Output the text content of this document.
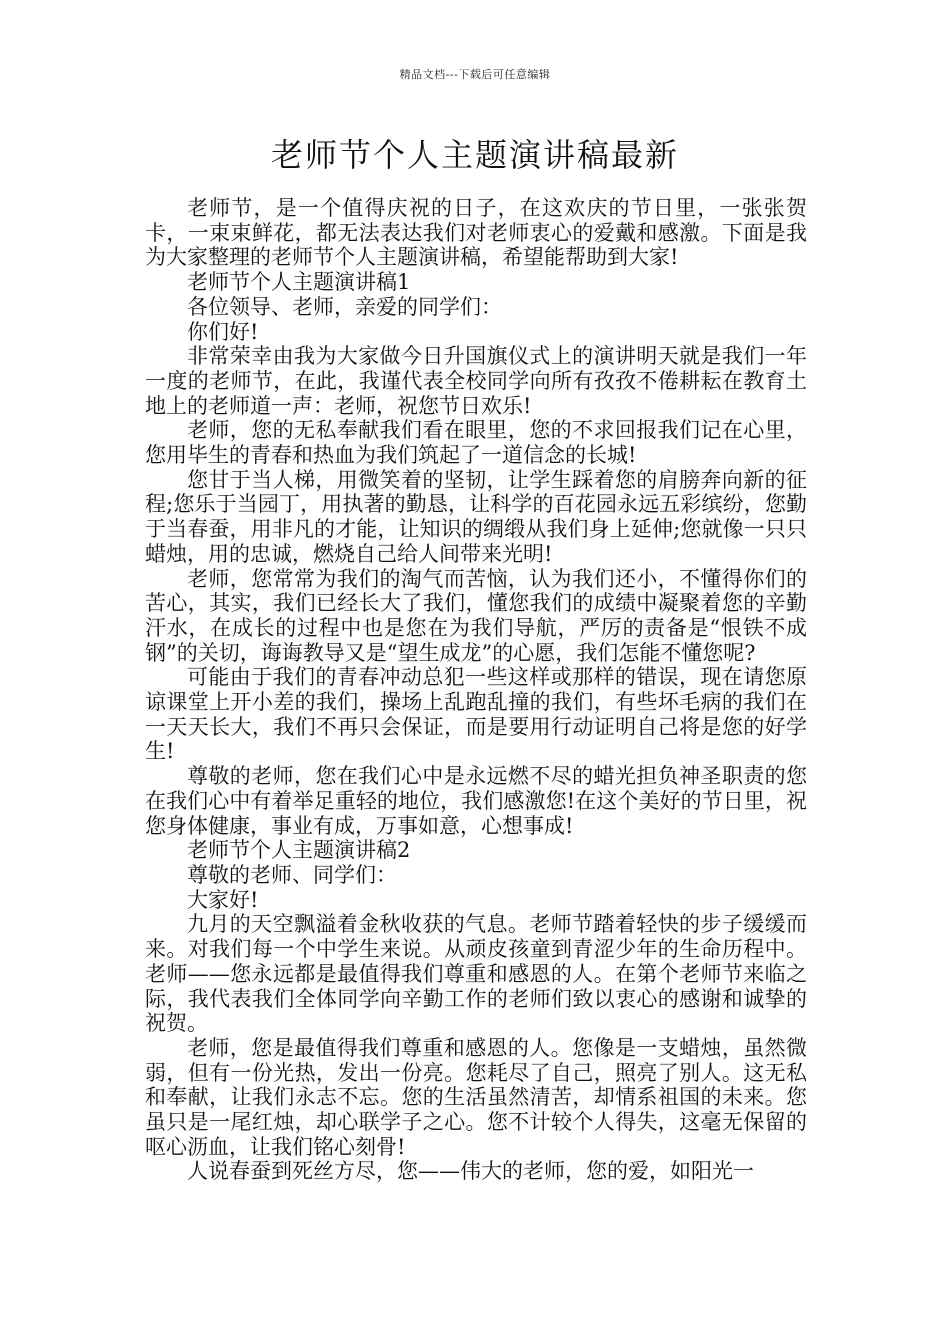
精品文档---下载后可任意编辑
老师节个人主题演讲稿最新

老师节，是一个值得庆祝的日子，在这欢庆的节日里，一张张贺卡，一束束鲜花，都无法表达我们对老师衷心的爱戴和感激。下面是我为大家整理的老师节个人主题演讲稿，希望能帮助到大家!

老师节个人主题演讲稿1

各位领导、老师，亲爱的同学们：

你们好!

非常荣幸由我为大家做今日升国旗仪式上的演讲明天就是我们一年一度的老师节，在此，我谨代表全校同学向所有孜孜不倦耕耘在教育土地上的老师道一声：老师，祝您节日欢乐!

老师，您的无私奉献我们看在眼里，您的不求回报我们记在心里，您用毕生的青春和热血为我们筑起了一道信念的长城!

您甘于当人梯，用微笑着的坚韧，让学生踩着您的肩膀奔向新的征程;您乐于当园丁，用执著的勤恳，让科学的百花园永远五彩缤纷，您勤于当春蚕，用非凡的才能，让知识的绸缎从我们身上延伸;您就像一只只蜡烛，用的忠诚，燃烧自己给人间带来光明!

老师，您常常为我们的淘气而苦恼，认为我们还小，不懂得你们的苦心，其实，我们已经长大了我们，懂您我们的成绩中凝聚着您的辛勤汗水，在成长的过程中也是您在为我们导航，严厉的责备是“恨铁不成钢”的关切，诲诲教导又是“望生成龙”的心愿，我们怎能不懂您呢?

可能由于我们的青春冲动总犯一些这样或那样的错误，现在请您原谅课堂上开小差的我们，操场上乱跑乱撞的我们，有些坏毛病的我们在一天天长大，我们不再只会保证，而是要用行动证明自己将是您的好学生!

尊敬的老师，您在我们心中是永远燃不尽的蜡光担负神圣职责的您在我们心中有着举足重轻的地位，我们感激您!在这个美好的节日里，祝您身体健康，事业有成，万事如意，心想事成!

老师节个人主题演讲稿2

尊敬的老师、同学们：

大家好!

九月的天空飘溢着金秋收获的气息。老师节踏着轻快的步子缓缓而来。对我们每一个中学生来说。从顽皮孩童到青涩少年的生命历程中。老师——您永远都是最值得我们尊重和感恩的人。在第个老师节来临之际，我代表我们全体同学向辛勤工作的老师们致以衷心的感谢和诚挚的祝贺。

老师，您是最值得我们尊重和感恩的人。您像是一支蜡烛，虽然微弱，但有一份光热，发出一份亮。您耗尽了自己，照亮了别人。这无私和奉献，让我们永志不忘。您的生活虽然清苦，却情系祖国的未来。您虽只是一尾红烛，却心联学子之心。您不计较个人得失，这毫无保留的呕心沥血，让我们铭心刻骨!

人说春蚕到死丝方尽，您——伟大的老师，您的爱，如阳光一
